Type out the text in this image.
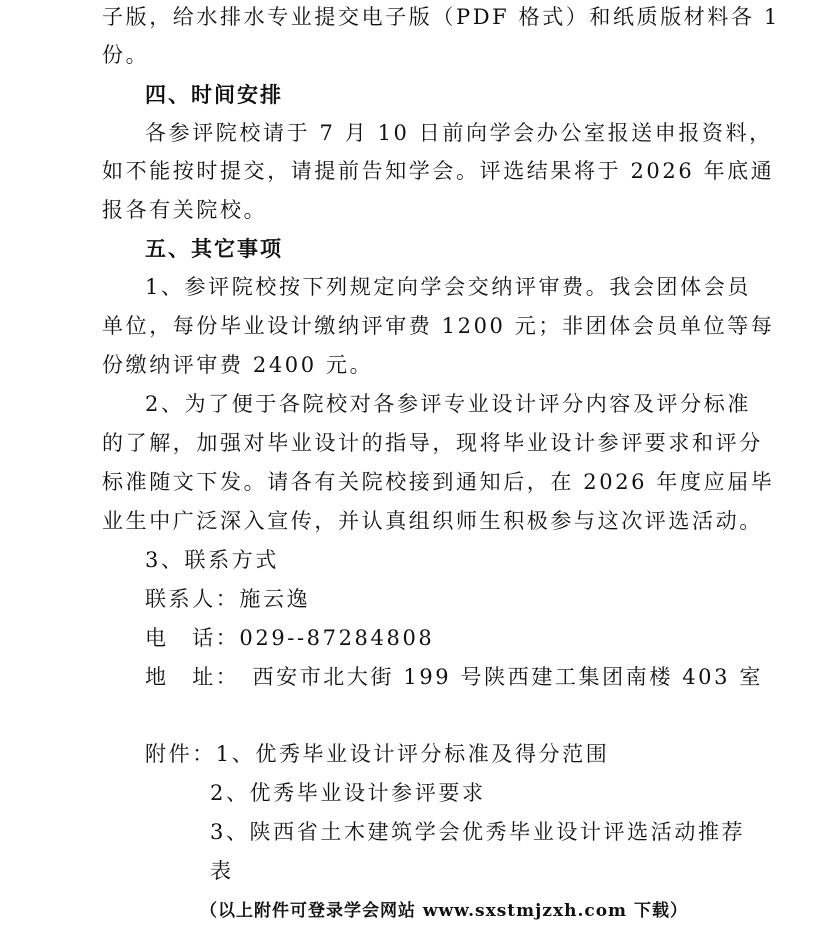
子版，给水排水专业提交电子版（PDF 格式）和纸质版材料各 1
份。
四、时间安排
各参评院校请于 7 月 10 日前向学会办公室报送申报资料，
如不能按时提交，请提前告知学会。评选结果将于 2026 年底通
报各有关院校。
五、其它事项
1、参评院校按下列规定向学会交纳评审费。我会团体会员
单位，每份毕业设计缴纳评审费 1200 元；非团体会员单位等每
份缴纳评审费 2400 元。
2、为了便于各院校对各参评专业设计评分内容及评分标准
的了解，加强对毕业设计的指导，现将毕业设计参评要求和评分
标准随文下发。请各有关院校接到通知后，在 2026 年度应届毕
业生中广泛深入宣传，并认真组织师生积极参与这次评选活动。
3、联系方式
联系人：施云逸
电　话：029--87284808
地　址：　西安市北大街 199 号陕西建工集团南楼 403 室
附件：1、优秀毕业设计评分标准及得分范围
2、优秀毕业设计参评要求
3、陕西省土木建筑学会优秀毕业设计评选活动推荐
表
（以上附件可登录学会网站 www.sxstmjzxh.com 下载）
